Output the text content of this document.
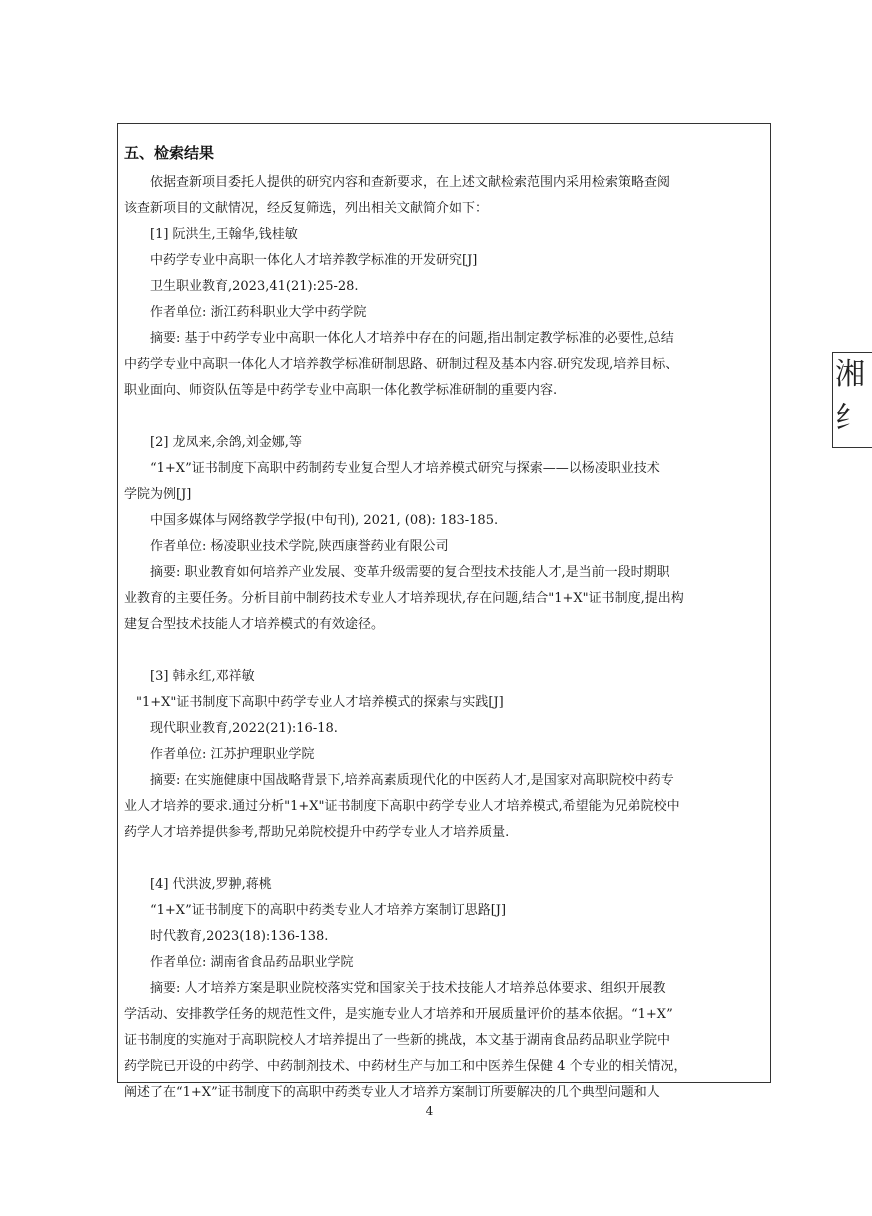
五、检索结果
依据查新项目委托人提供的研究内容和查新要求，在上述文献检索范围内采用检索策略查阅
该查新项目的文献情况，经反复筛选，列出相关文献简介如下：
[1] 阮洪生,王翰华,钱桂敏
中药学专业中高职一体化人才培养教学标准的开发研究[J]
卫生职业教育,2023,41(21):25-28.
作者单位: 浙江药科职业大学中药学院
摘要: 基于中药学专业中高职一体化人才培养中存在的问题,指出制定教学标准的必要性,总结
中药学专业中高职一体化人才培养教学标准研制思路、研制过程及基本内容.研究发现,培养目标、
职业面向、师资队伍等是中药学专业中高职一体化教学标准研制的重要内容.
[2] 龙凤来,余鸽,刘金娜,等
“1+X”证书制度下高职中药制药专业复合型人才培养模式研究与探索——以杨凌职业技术
学院为例[J]
中国多媒体与网络教学学报(中旬刊), 2021, (08): 183-185.
作者单位: 杨凌职业技术学院,陕西康誉药业有限公司
摘要: 职业教育如何培养产业发展、变革升级需要的复合型技术技能人才,是当前一段时期职
业教育的主要任务。分析目前中制药技术专业人才培养现状,存在问题,结合"1+X"证书制度,提出构
建复合型技术技能人才培养模式的有效途径。
[3] 韩永红,邓祥敏
"1+X"证书制度下高职中药学专业人才培养模式的探索与实践[J]
现代职业教育,2022(21):16-18.
作者单位: 江苏护理职业学院
摘要: 在实施健康中国战略背景下,培养高素质现代化的中医药人才,是国家对高职院校中药专
业人才培养的要求.通过分析"1+X"证书制度下高职中药学专业人才培养模式,希望能为兄弟院校中
药学人才培养提供参考,帮助兄弟院校提升中药学专业人才培养质量.
[4] 代洪波,罗翀,蒋桃
“1+X”证书制度下的高职中药类专业人才培养方案制订思路[J]
时代教育,2023(18):136-138.
作者单位: 湖南省食品药品职业学院
摘要: 人才培养方案是职业院校落实党和国家关于技术技能人才培养总体要求、组织开展教
学活动、安排教学任务的规范性文件，是实施专业人才培养和开展质量评价的基本依据。“1+X”
证书制度的实施对于高职院校人才培养提出了一些新的挑战，本文基于湖南食品药品职业学院中
药学院已开设的中药学、中药制剂技术、中药材生产与加工和中医养生保健 4 个专业的相关情况，
阐述了在“1+X”证书制度下的高职中药类专业人才培养方案制订所要解决的几个典型问题和人
湘
纟
4
